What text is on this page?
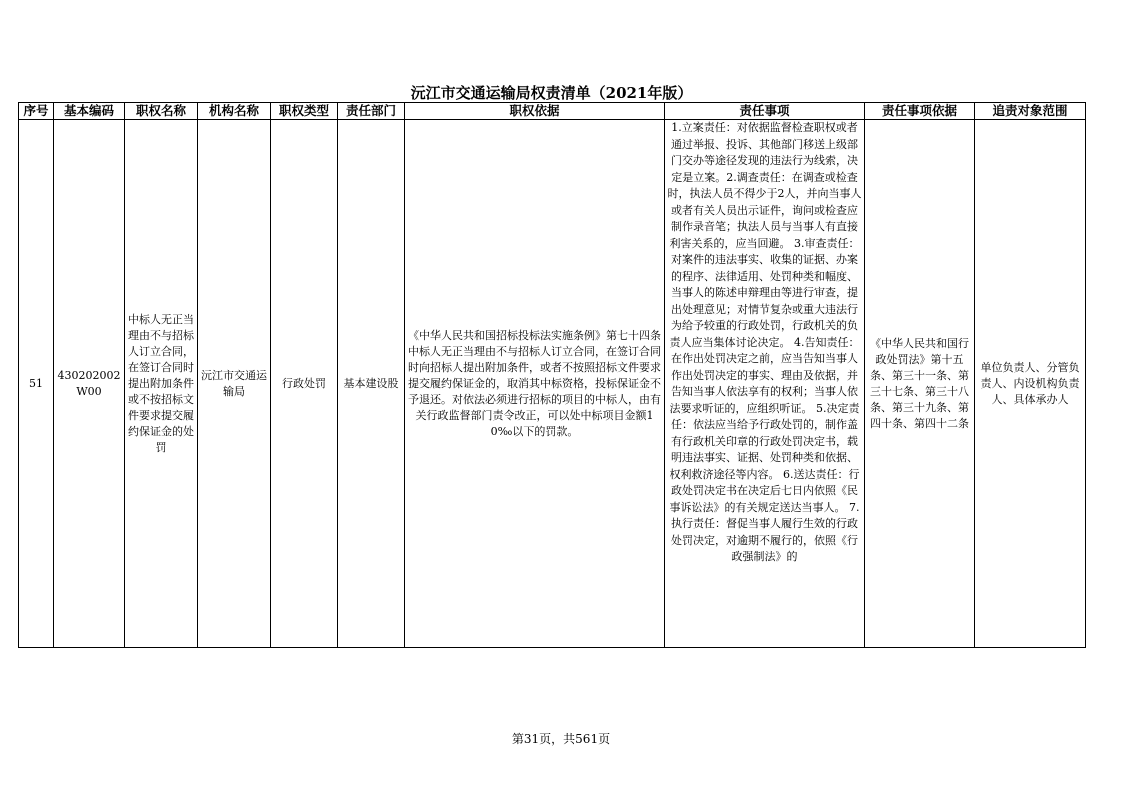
沅江市交通运输局权责清单（2021年版）
序号	基本编码	职权名称	机构名称	职权类型	责任部门	职权依据	责任事项	责任事项依据	追责对象范围
51	430202002W00	中标人无正当理由不与招标人订立合同，在签订合同时提出附加条件或不按招标文件要求提交履约保证金的处罚	沅江市交通运输局	行政处罚	基本建设股	《中华人民共和国招标投标法实施条例》第七十四条　中标人无正当理由不与招标人订立合同，在签订合同时向招标人提出附加条件，或者不按照招标文件要求提交履约保证金的，取消其中标资格，投标保证金不予退还。对依法必须进行招标的项目的中标人，由有关行政监督部门责令改正，可以处中标项目金额10‰以下的罚款。	1.立案责任：对依据监督检查职权或者通过举报、投诉、其他部门移送上级部门交办等途径发现的违法行为线索，决定是立案。2.调查责任：在调查或检查时，执法人员不得少于2人，并向当事人或者有关人员出示证件，询问或检查应制作录音笔；执法人员与当事人有直接利害关系的，应当回避。 3.审查责任：对案件的违法事实、收集的证据、办案的程序、法律适用、处罚种类和幅度、当事人的陈述申辩理由等进行审查，提出处理意见；对情节复杂或重大违法行为给予较重的行政处罚，行政机关的负责人应当集体讨论决定。 4.告知责任：在作出处罚决定之前，应当告知当事人作出处罚决定的事实、理由及依据，并告知当事人依法享有的权利；当事人依法要求听证的，应组织听证。 5.决定责任：依法应当给予行政处罚的，制作盖有行政机关印章的行政处罚决定书，载明违法事实、证据、处罚种类和依据、权利救济途径等内容。 6.送达责任：行政处罚决定书在决定后七日内依照《民事诉讼法》的有关规定送达当事人。 7.执行责任：督促当事人履行生效的行政处罚决定，对逾期不履行的，依照《行政强制法》的	《中华人民共和国行政处罚法》第十五条、第三十一条、第三十七条、第三十八条、第三十九条、第四十条、第四十二条	单位负责人、分管负责人、内设机构负责人、具体承办人
第31页，共561页
